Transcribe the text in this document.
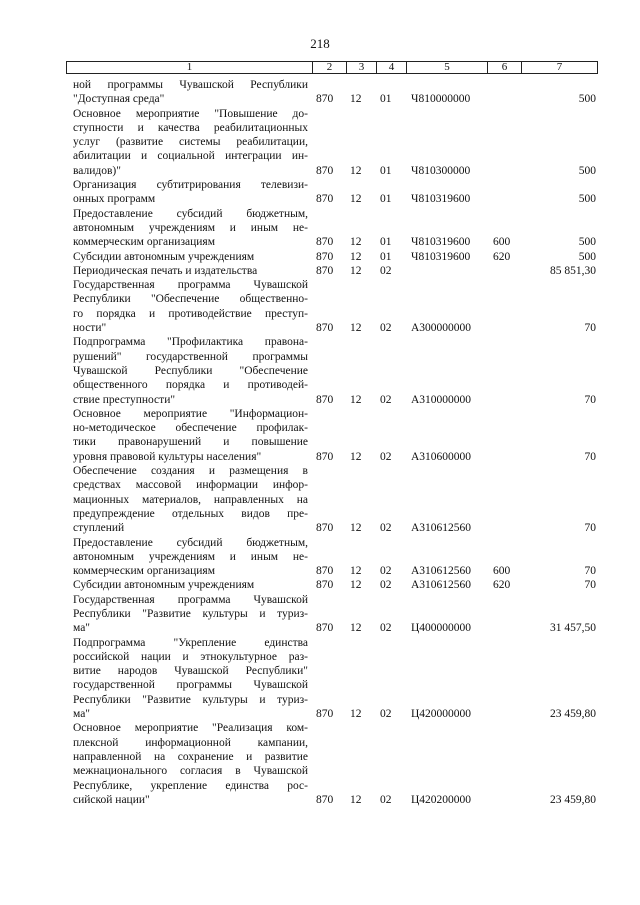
218
1	2	3	4	5	6	7
ной программы Чувашской Республики
"Доступная среда"	870 12 01 Ч810000000	500
Основное мероприятие "Повышение до-
ступности и качества реабилитационных
услуг (развитие системы реабилитации,
абилитации и социальной интеграции ин-
валидов)"	870 12 01 Ч810300000	500
Организация субтитрирования телевизи-
онных программ	870 12 01 Ч810319600	500
Предоставление субсидий бюджетным,
автономным учреждениям и иным не-
коммерческим организациям	870 12 01 Ч810319600 600	500
Субсидии автономным учреждениям	870 12 01 Ч810319600 620	500
Периодическая печать и издательства	870 12 02	85 851,30
Государственная программа Чувашской
Республики "Обеспечение общественно-
го порядка и противодействие преступ-
ности"	870 12 02 А300000000	70
Подпрограмма "Профилактика правона-
рушений" государственной программы
Чувашской Республики "Обеспечение
общественного порядка и противодей-
ствие преступности"	870 12 02 А310000000	70
Основное мероприятие "Информацион-
но-методическое обеспечение профилак-
тики правонарушений и повышение
уровня правовой культуры населения"	870 12 02 А310600000	70
Обеспечение создания и размещения в
средствах массовой информации инфор-
мационных материалов, направленных на
предупреждение отдельных видов пре-
ступлений	870 12 02 А310612560	70
Предоставление субсидий бюджетным,
автономным учреждениям и иным не-
коммерческим организациям	870 12 02 А310612560 600	70
Субсидии автономным учреждениям	870 12 02 А310612560 620	70
Государственная программа Чувашской
Республики "Развитие культуры и туриз-
ма"	870 12 02 Ц400000000	31 457,50
Подпрограмма "Укрепление единства
российской нации и этнокультурное раз-
витие народов Чувашской Республики"
государственной программы Чувашской
Республики "Развитие культуры и туриз-
ма"	870 12 02 Ц420000000	23 459,80
Основное мероприятие "Реализация ком-
плексной информационной кампании,
направленной на сохранение и развитие
межнационального согласия в Чувашской
Республике, укрепление единства рос-
сийской нации"	870 12 02 Ц420200000	23 459,80
